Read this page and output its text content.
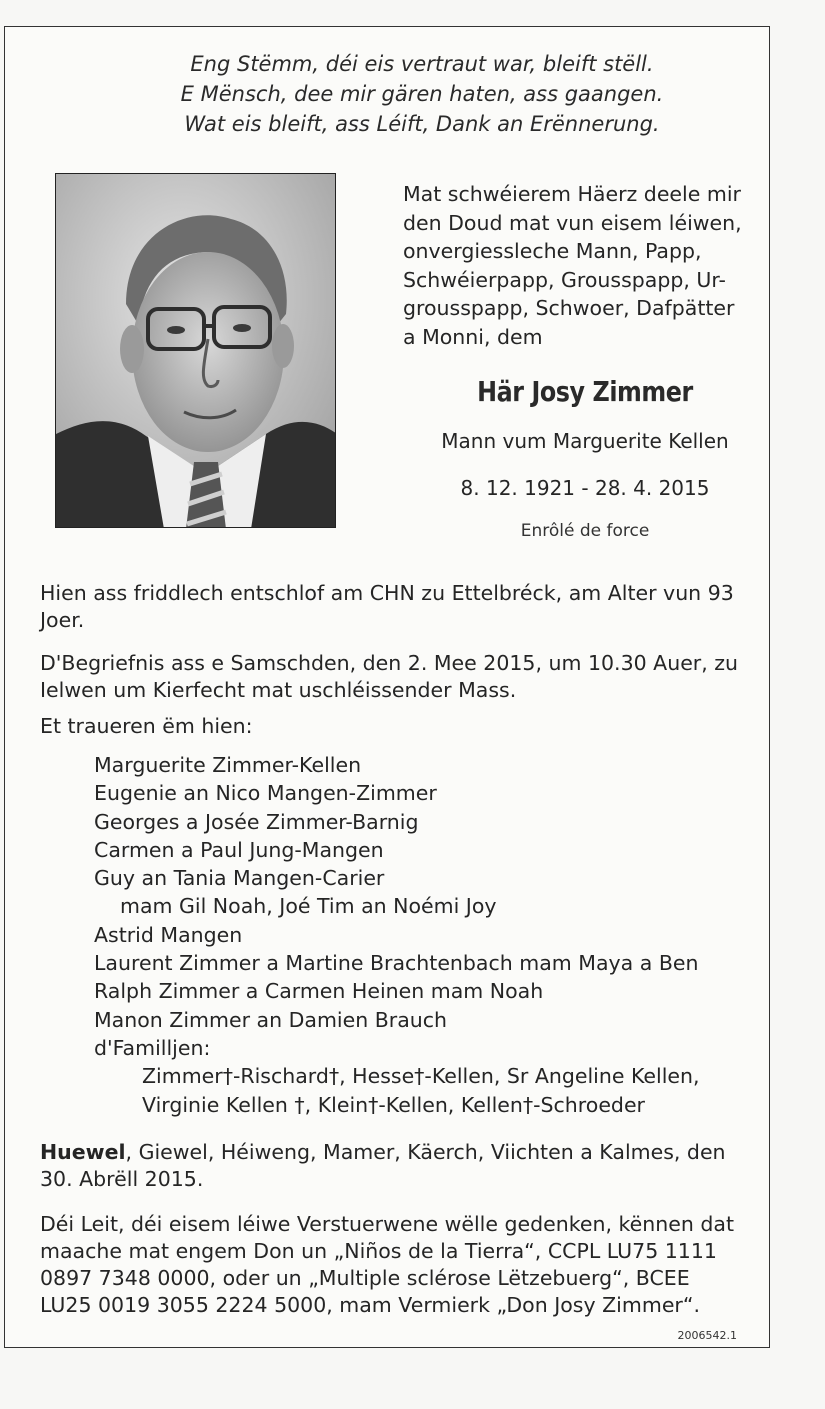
Eng Stëmm, déi eis vertraut war, bleift stëll.
E Mënsch, dee mir gären haten, ass gaangen.
Wat eis bleift, ass Léift, Dank an Erënnerung.
Mat schwéierem Häerz deele mir
den Doud mat vun eisem léiwen,
onvergiessleche Mann, Papp,
Schwéierpapp, Grousspapp, Ur-
grousspapp, Schwoer, Dafpätter
a Monni, dem
Här Josy Zimmer
Mann vum Marguerite Kellen
8. 12. 1921 - 28. 4. 2015
Enrôlé de force
Hien ass friddlech entschlof am CHN zu Ettelbréck, am Alter vun 93 Joer.
D'Begriefnis ass e Samschden, den 2. Mee 2015, um 10.30 Auer, zu Ielwen um Kierfecht mat uschléissender Mass.
Et traueren ëm hien:
Marguerite Zimmer-Kellen
Eugenie an Nico Mangen-Zimmer
Georges a Josée Zimmer-Barnig
Carmen a Paul Jung-Mangen
Guy an Tania Mangen-Carier
mam Gil Noah, Joé Tim an Noémi Joy
Astrid Mangen
Laurent Zimmer a Martine Brachtenbach mam Maya a Ben
Ralph Zimmer a Carmen Heinen mam Noah
Manon Zimmer an Damien Brauch
d'Familljen:
Zimmer†-Rischard†, Hesse†-Kellen, Sr Angeline Kellen,
Virginie Kellen †, Klein†-Kellen, Kellen†-Schroeder
Huewel, Giewel, Héiweng, Mamer, Käerch, Viichten a Kalmes, den 30. Abrëll 2015.
Déi Leit, déi eisem léiwe Verstuerwene wëlle gedenken, kënnen dat
maache mat engem Don un „Niños de la Tierra“, CCPL LU75 1111
0897 7348 0000, oder un „Multiple sclérose Lëtzebuerg“, BCEE
LU25 0019 3055 2224 5000, mam Vermierk „Don Josy Zimmer“.
2006542.1
